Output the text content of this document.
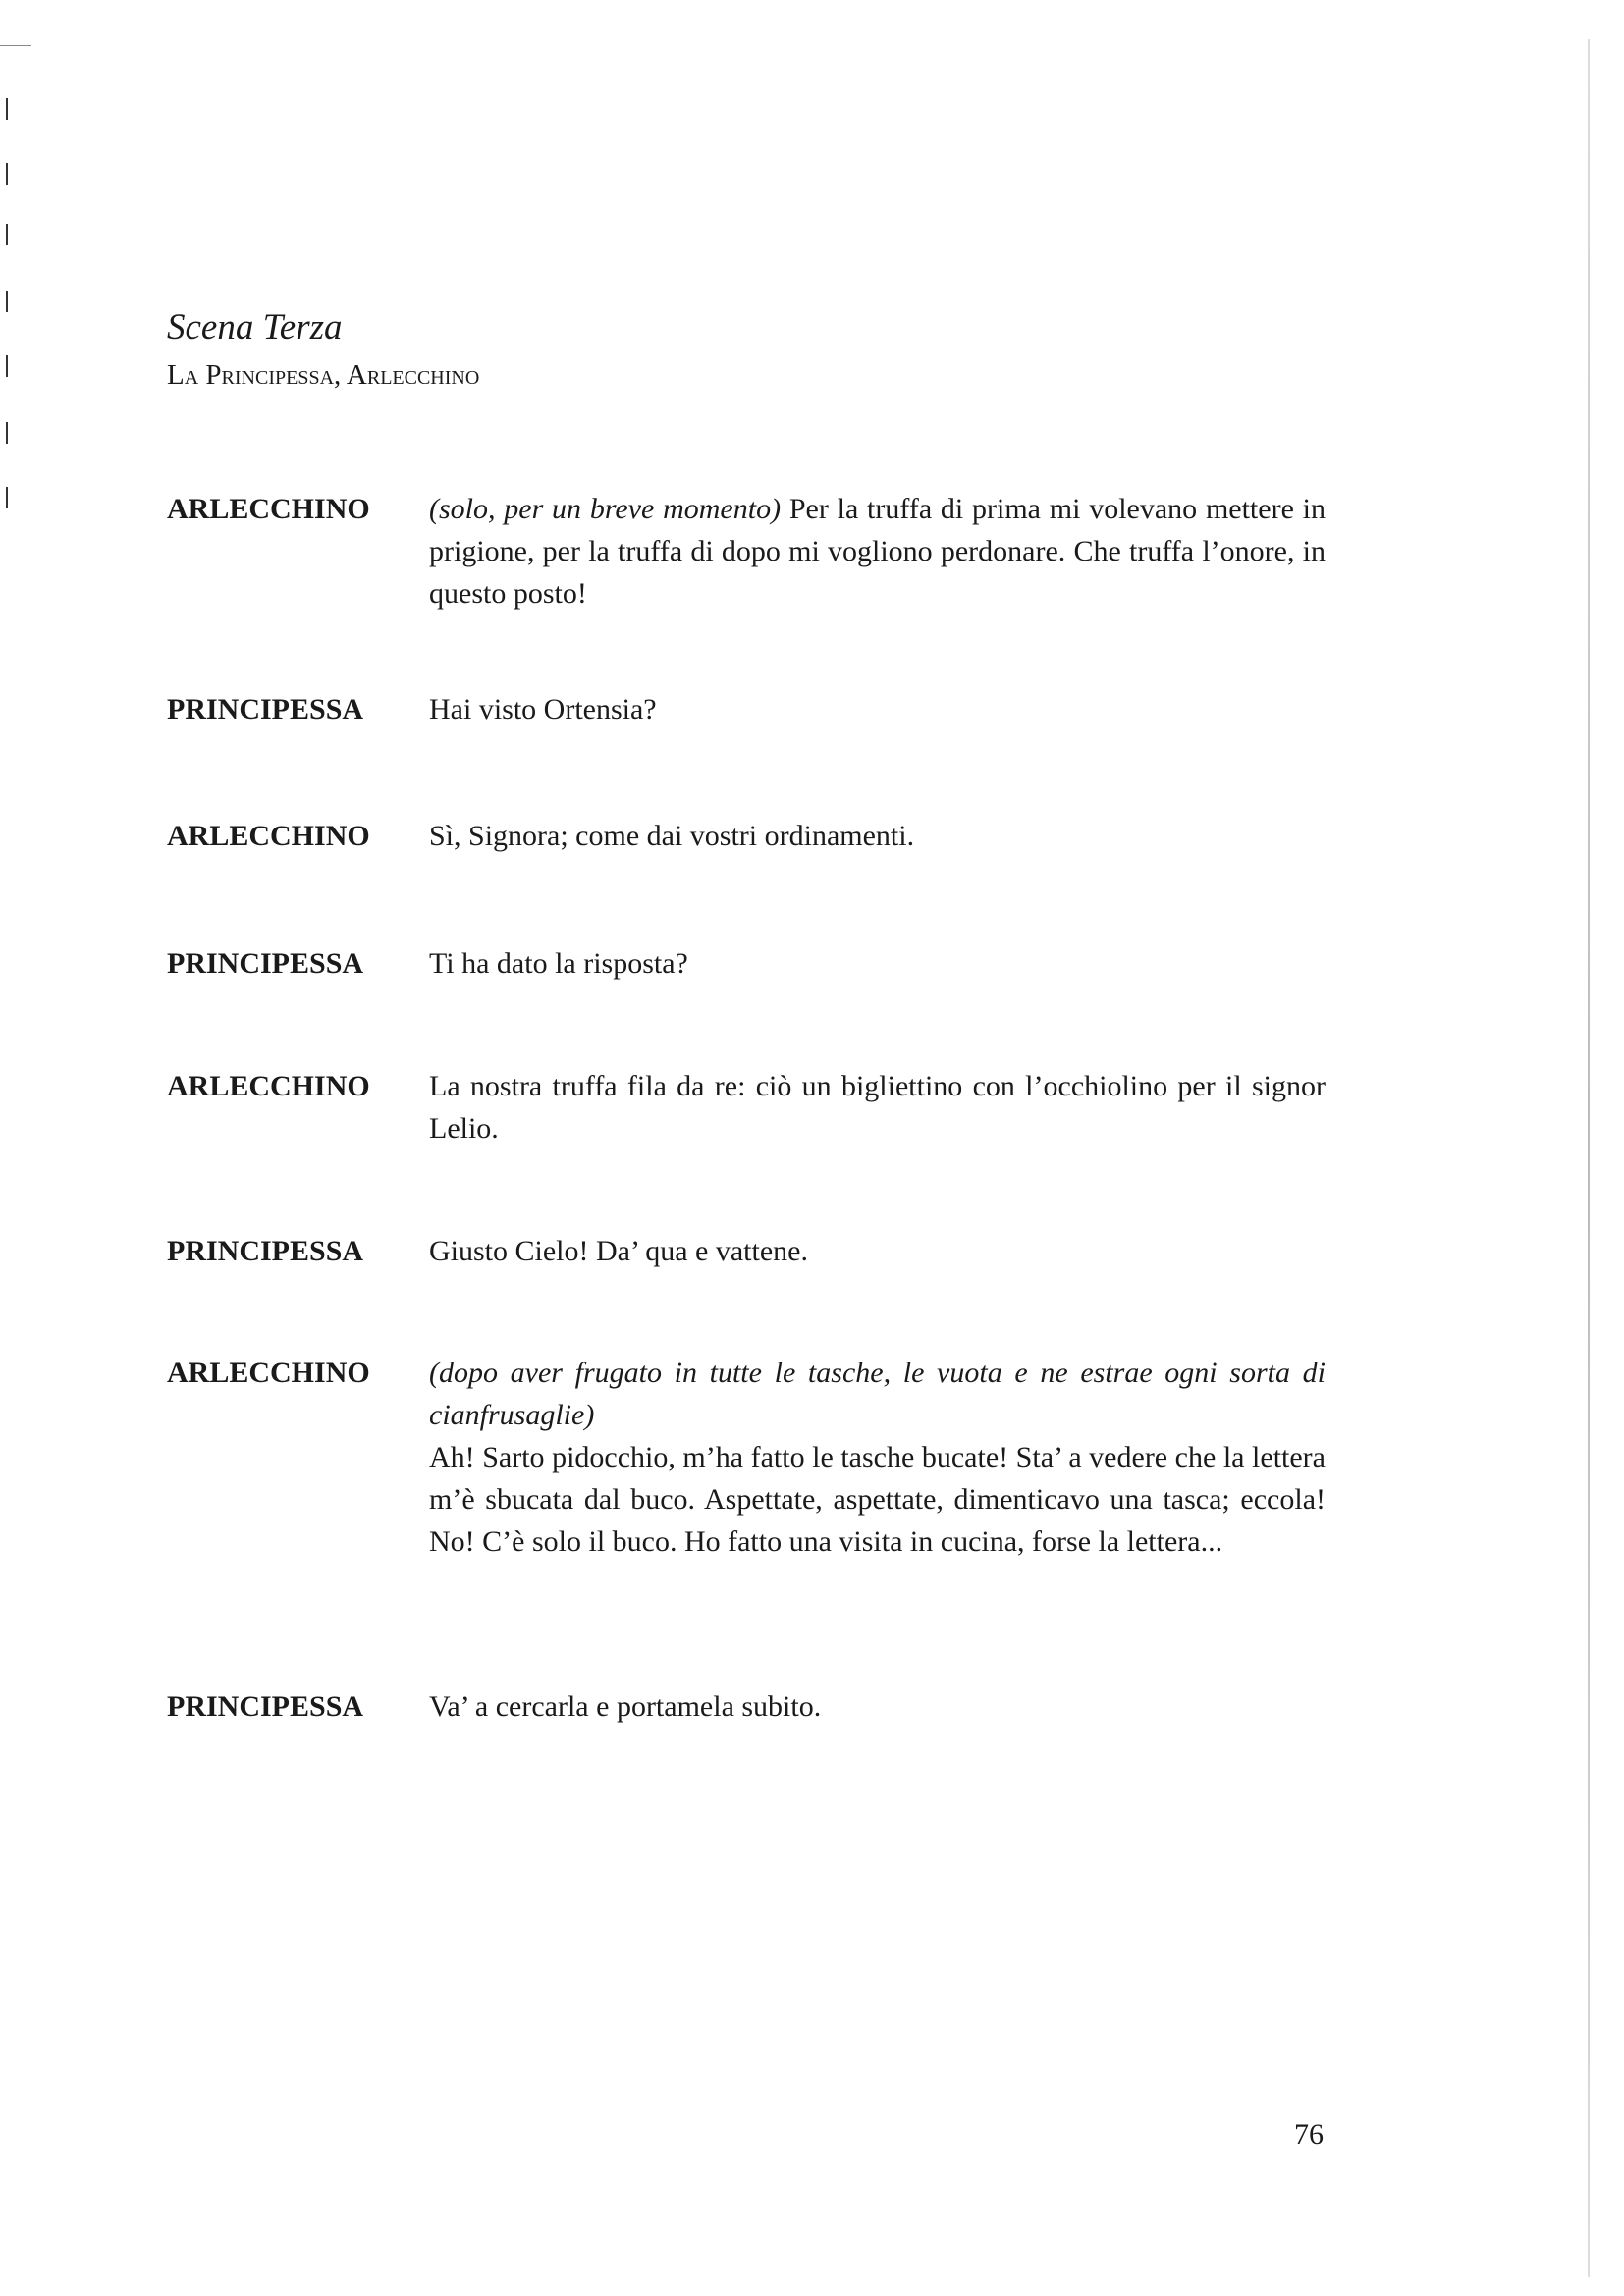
Scena Terza
La Principessa, Arlecchino
ARLECCHINO (solo, per un breve momento) Per la truffa di prima mi volevano mettere in prigione, per la truffa di dopo mi vogliono perdonare. Che truffa l’onore, in questo posto!
PRINCIPESSA Hai visto Ortensia?
ARLECCHINO Sì, Signora; come dai vostri ordinamenti.
PRINCIPESSA Ti ha dato la risposta?
ARLECCHINO La nostra truffa fila da re: ciò un bigliettino con l’occhiolino per il signor Lelio.
PRINCIPESSA Giusto Cielo! Da’ qua e vattene.
ARLECCHINO (dopo aver frugato in tutte le tasche, le vuota e ne estrae ogni sorta di cianfrusaglie)
Ah! Sarto pidocchio, m’ha fatto le tasche bucate! Sta’ a vedere che la lettera m’è sbucata dal buco. Aspettate, aspettate, dimenticavo una tasca; eccola! No! C’è solo il buco. Ho fatto una visita in cucina, forse la lettera...
PRINCIPESSA Va’ a cercarla e portamela subito.
76
